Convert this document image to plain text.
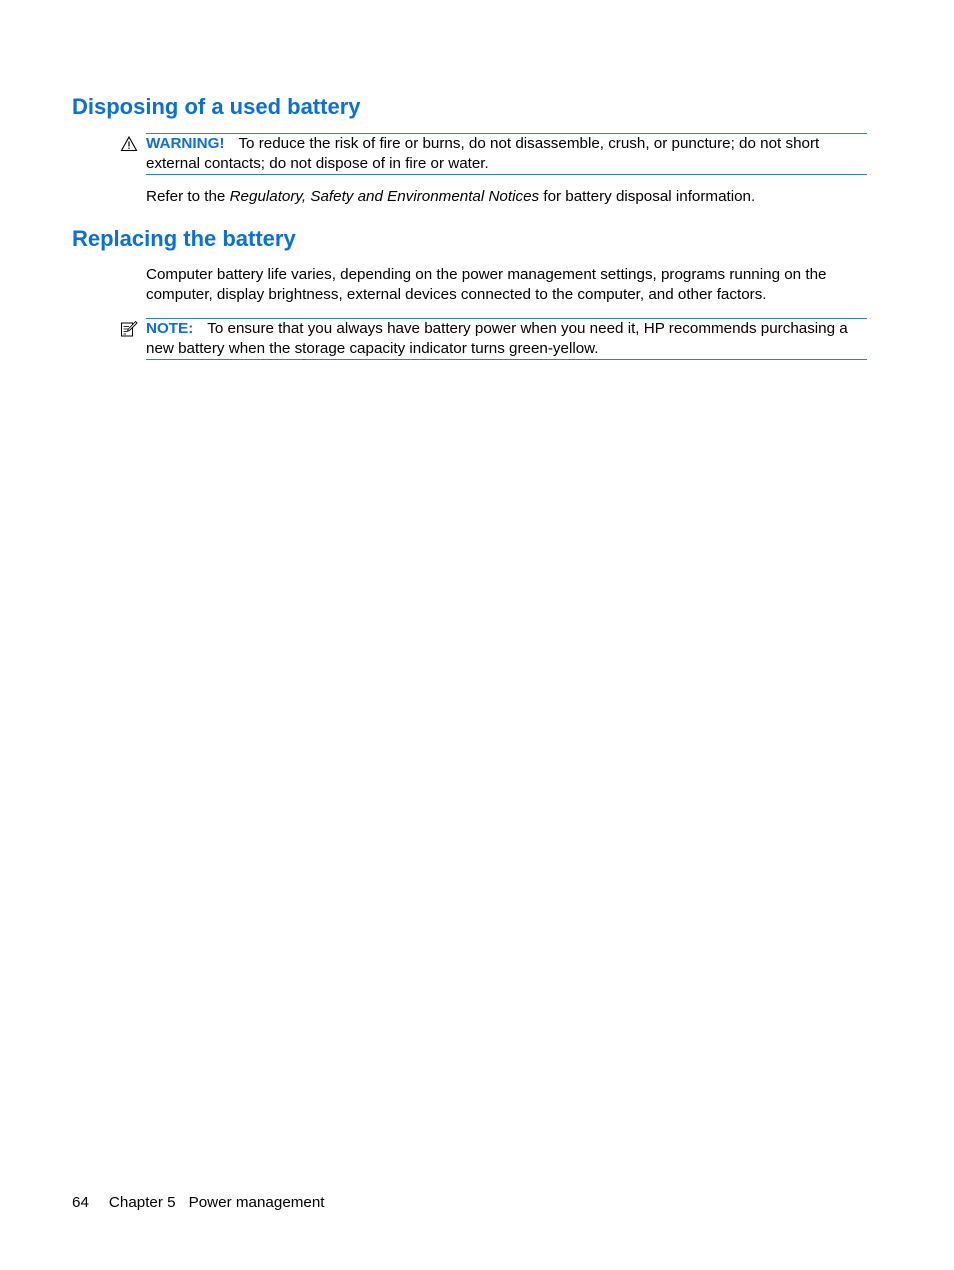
Disposing of a used battery
WARNING! To reduce the risk of fire or burns, do not disassemble, crush, or puncture; do not short external contacts; do not dispose of in fire or water.

Refer to the Regulatory, Safety and Environmental Notices for battery disposal information.

Replacing the battery

Computer battery life varies, depending on the power management settings, programs running on the computer, display brightness, external devices connected to the computer, and other factors.

NOTE: To ensure that you always have battery power when you need it, HP recommends purchasing a new battery when the storage capacity indicator turns green-yellow.
64 Chapter 5 Power management
